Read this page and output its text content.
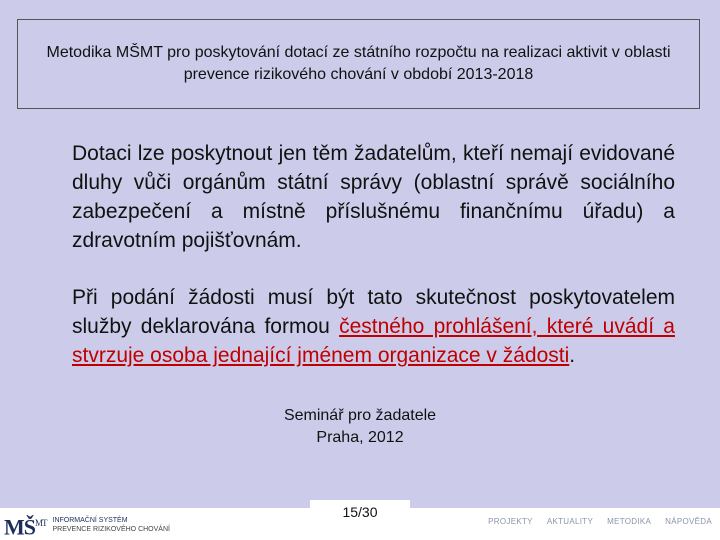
Metodika MŠMT pro poskytování dotací ze státního rozpočtu na realizaci aktivit v oblasti prevence rizikového chování v období 2013-2018
Dotaci lze poskytnout jen těm žadatelům, kteří nemají evidované dluhy vůči orgánům státní správy (oblastní správě sociálního zabezpečení a místně příslušnému finančnímu úřadu) a zdravotním pojišťovnám.
Při podání žádosti musí být tato skutečnost poskytovatelem služby deklarována formou čestného prohlášení, které uvádí a stvrzuje osoba jednající jménem organizace v žádosti.
Seminář pro žadatele
Praha, 2012
$MŠ^{MT}$ INFORMAČNÍ SYSTÉM
PREVENCE RIZIKOVÉHO CHOVÁNÍ
15/30
PROJEKTY AKTUALITY METODIKA NÁPOVĚDA
